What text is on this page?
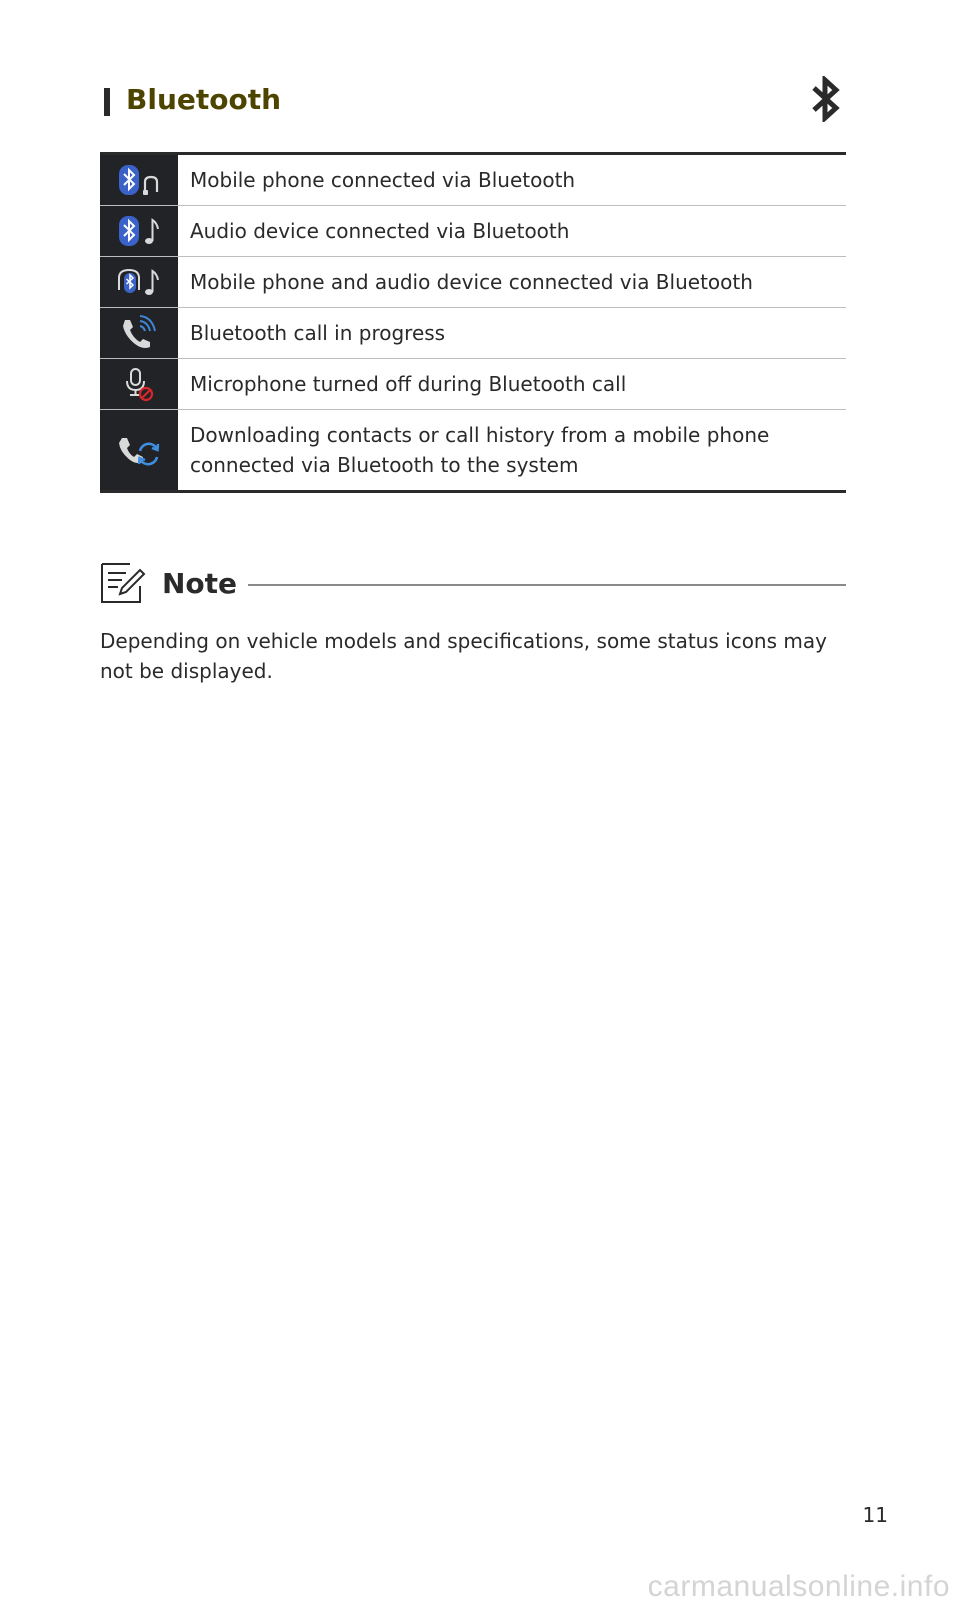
Bluetooth
Mobile phone connected via Bluetooth
Audio device connected via Bluetooth
Mobile phone and audio device connected via Bluetooth
Bluetooth call in progress
Microphone turned off during Bluetooth call
Downloading contacts or call history from a mobile phone connected via Bluetooth to the system
Note
Depending on vehicle models and specifications, some status icons may not be displayed.
11
carmanualsonline.info
